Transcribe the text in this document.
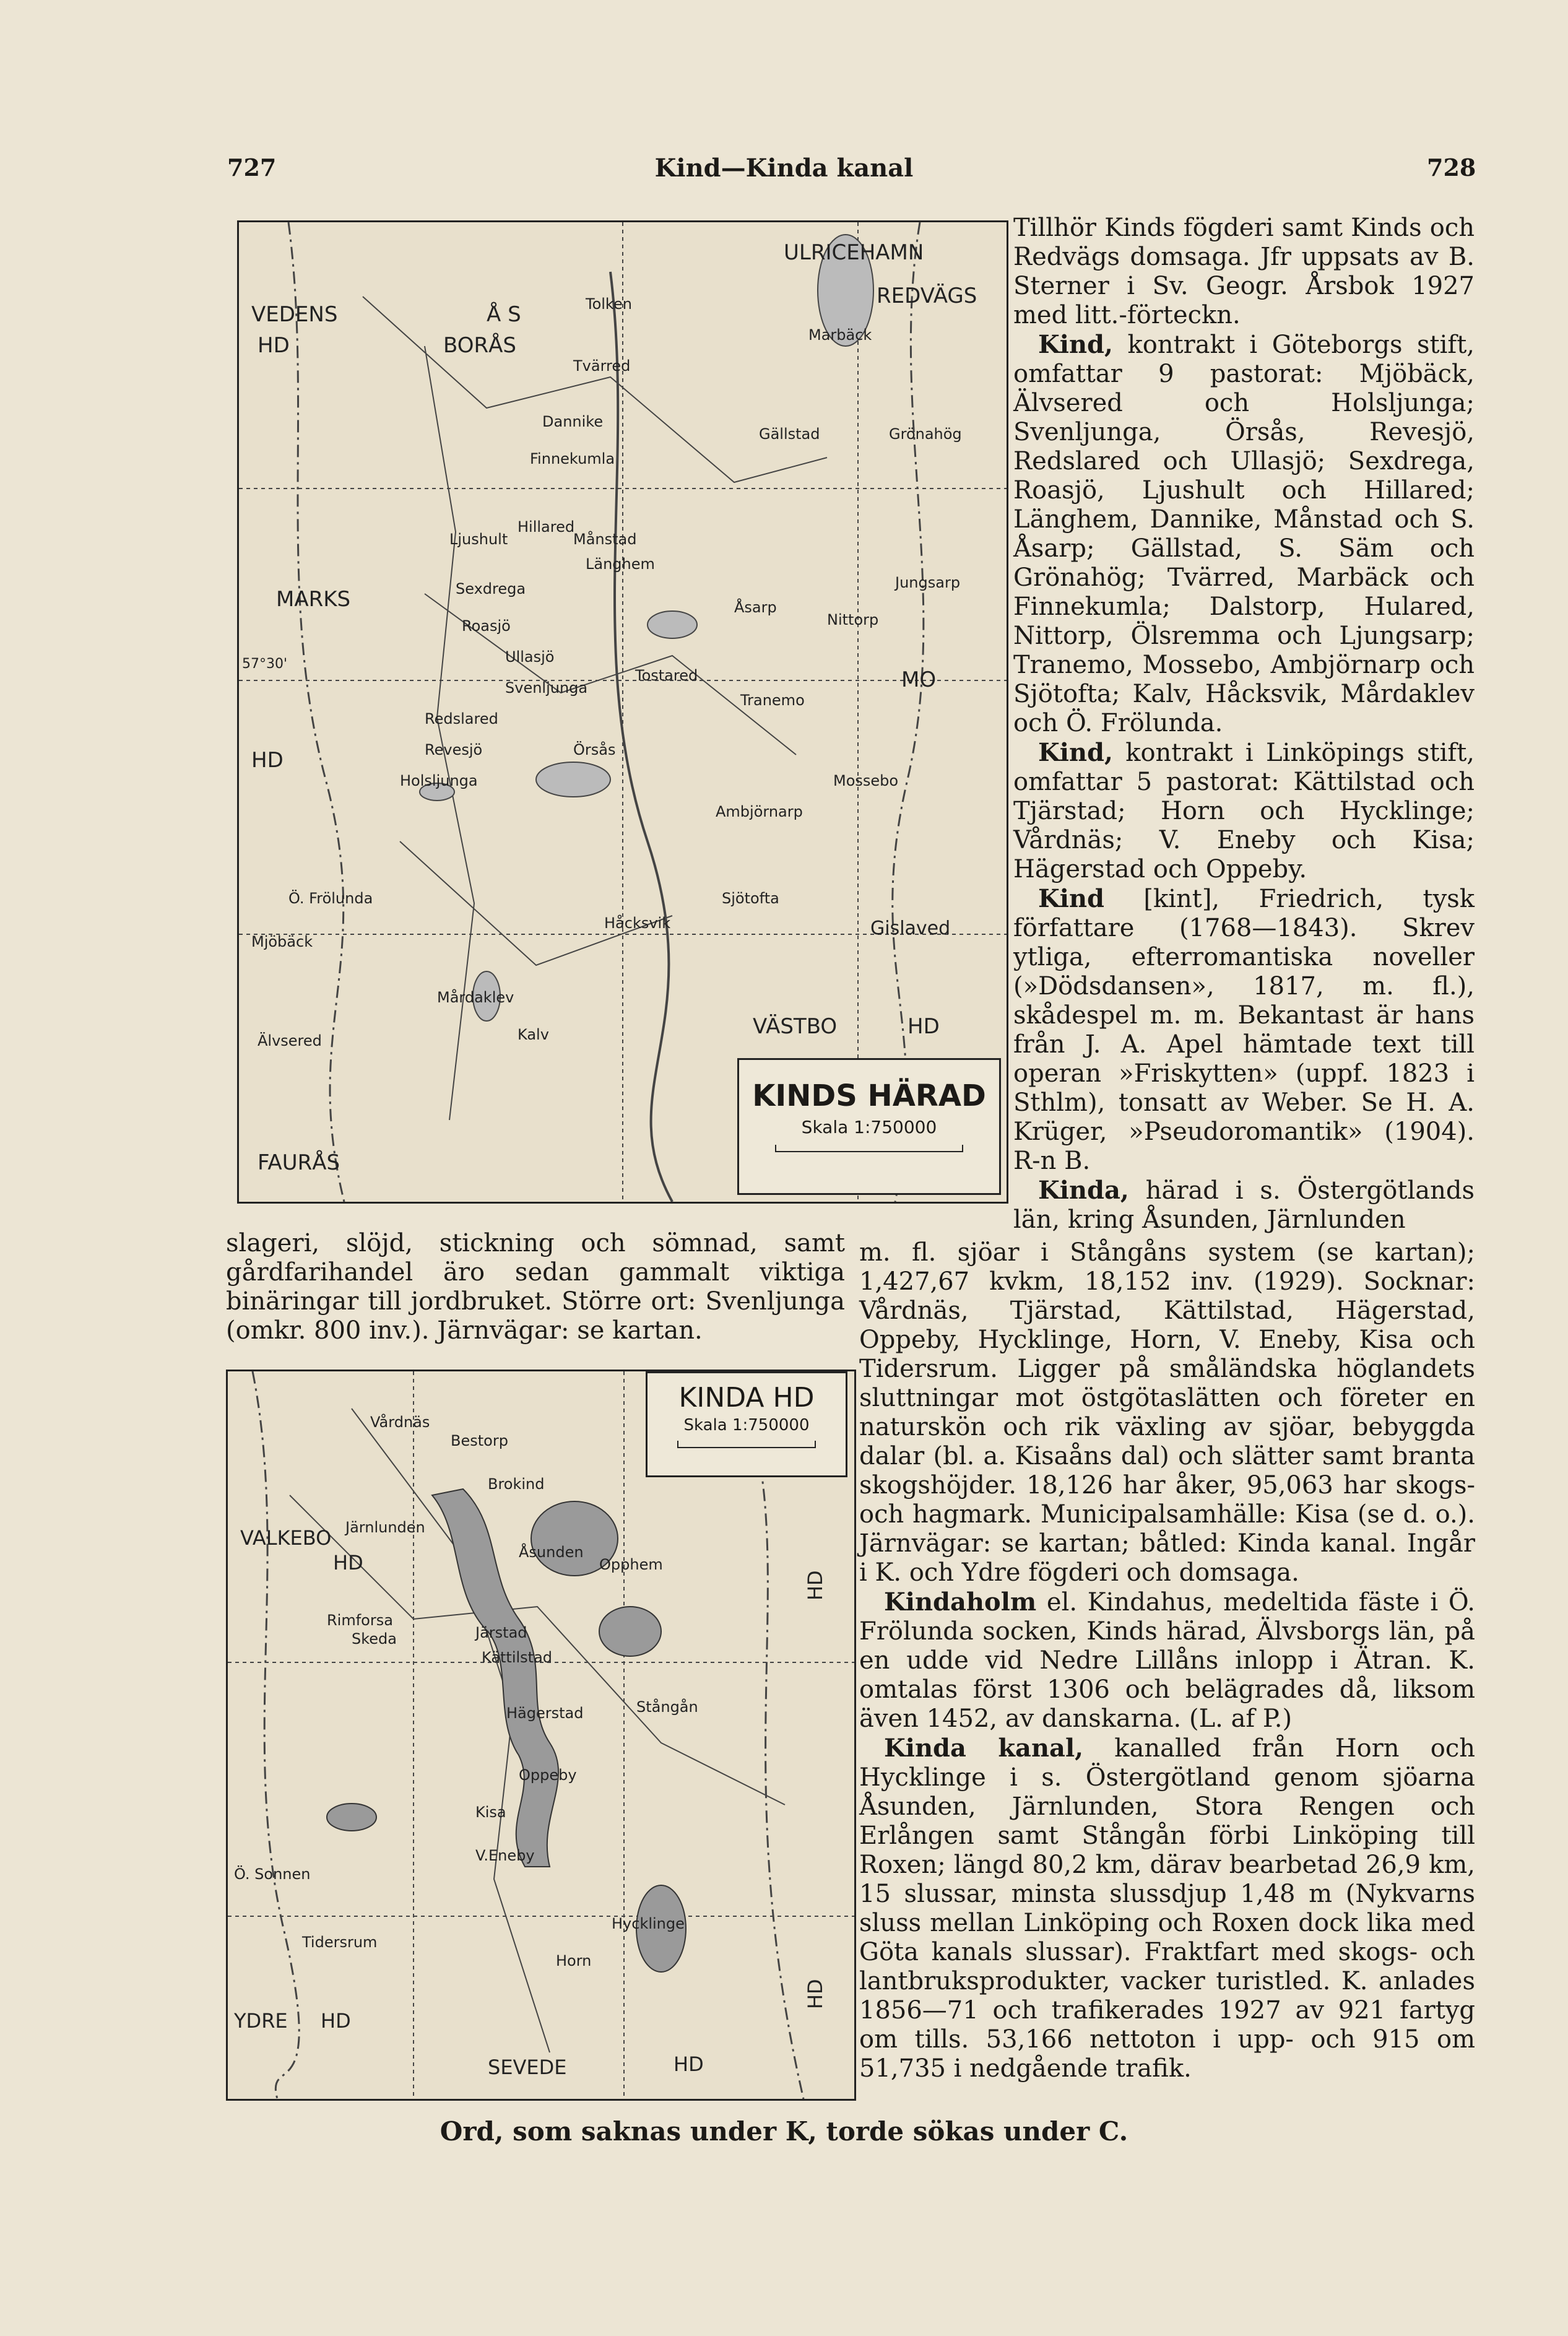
727	Kind—Kinda kanal	728
VEDENS
HD
Å S
BORÅS
MARKS
ULRICEHAMN
REDVÄGS
HD
FAURÅS
VÄSTBO	HD
MO
Gislaved
57°30'
Tolken
Marbäck
Tvärred
Dannike
Finnekumla
Gällstad	Grönahög
Hillared
Månstad
Ljushult
Länghem
Sexdrega
Roasjö
Ullasjö
Åsarp
Nittorp
Jungsarp
Svenljunga
Tostared
Tranemo
Redslared
Revesjö	Örsås
Holsljunga	Mossebo
Ambjörnarp
Ö. Frölunda	Sjötofta
Håcksvik
Mjöbäck
Mårdaklev
Kalv
Älvsered
KINDS HÄRAD
Skala 1:750000
VALKEBO
HD
YDRE HD
SEVEDE	HD
HD
HD
Vårdnäs
Bestorp
Brokind
Järnlunden
Opphem
Åsunden
Rimforsa
Skeda	Järstad
Kättilstad
Hägerstad
Oppeby
Kisa
V.Eneby
Ö. Sonnen
Tidersrum
Hycklinge
Horn
Stångån
KINDA HD
Skala 1:750000

Tillhör Kinds fögderi samt Kinds och Redvägs domsaga. Jfr uppsats av B. Sterner i Sv. Geogr. Årsbok 1927 med litt.-förteckn.

Kind, kontrakt i Göteborgs stift, omfattar 9 pastorat: Mjöbäck, Älvsered och Holsljunga; Svenljunga, Örsås, Revesjö, Redslared och Ullasjö; Sexdrega, Roasjö, Ljushult och Hillared; Länghem, Dannike, Månstad och S. Åsarp; Gällstad, S. Säm och Grönahög; Tvärred, Marbäck och Finnekumla; Dalstorp, Hulared, Nittorp, Ölsremma och Ljungsarp; Tranemo, Mossebo, Ambjörnarp och Sjötofta; Kalv, Håcksvik, Mårdaklev och Ö. Frölunda.

Kind, kontrakt i Linköpings stift, omfattar 5 pastorat: Kättilstad och Tjärstad; Horn och Hycklinge; Vårdnäs; V. Eneby och Kisa; Hägerstad och Oppeby.

Kind [kint], Friedrich, tysk författare (1768—1843). Skrev ytliga, efterromantiska noveller (»Dödsdansen», 1817, m. fl.), skådespel m. m. Bekantast är hans från J. A. Apel hämtade text till operan »Friskytten» (uppf. 1823 i Sthlm), tonsatt av Weber. Se H. A. Krüger, »Pseudoromantik» (1904). R-n B.

Kinda, härad i s. Östergötlands län, kring Åsunden, Järnlunden

slageri, slöjd, stickning och sömnad, samt gårdfarihandel äro sedan gammalt viktiga binäringar till jordbruket. Större ort: Svenljunga (omkr. 800 inv.). Järnvägar: se kartan.

m. fl. sjöar i Stångåns system (se kartan); 1,427,67 kvkm, 18,152 inv. (1929). Socknar: Vårdnäs, Tjärstad, Kättilstad, Hägerstad, Oppeby, Hycklinge, Horn, V. Eneby, Kisa och Tidersrum. Ligger på småländska höglandets sluttningar mot östgötaslätten och företer en naturskön och rik växling av sjöar, bebyggda dalar (bl. a. Kisaåns dal) och slätter samt branta skogshöjder. 18,126 har åker, 95,063 har skogs- och hagmark. Municipalsamhälle: Kisa (se d. o.). Järnvägar: se kartan; båtled: Kinda kanal. Ingår i K. och Ydre fögderi och domsaga.

Kindaholm el. Kindahus, medeltida fäste i Ö. Frölunda socken, Kinds härad, Älvsborgs län, på en udde vid Nedre Lillåns inlopp i Ätran. K. omtalas först 1306 och belägrades då, liksom även 1452, av danskarna. (L. af P.)

Kinda kanal, kanalled från Horn och Hycklinge i s. Östergötland genom sjöarna Åsunden, Järnlunden, Stora Rengen och Erlången samt Stångån förbi Linköping till Roxen; längd 80,2 km, därav bearbetad 26,9 km, 15 slussar, minsta slussdjup 1,48 m (Nykvarns sluss mellan Linköping och Roxen dock lika med Göta kanals slussar). Fraktfart med skogs- och lantbruksprodukter, vacker turistled. K. anlades 1856—71 och trafikerades 1927 av 921 fartyg om tills. 53,166 nettoton i upp- och 915 om 51,735 i nedgående trafik.

Ord, som saknas under K, torde sökas under C.
